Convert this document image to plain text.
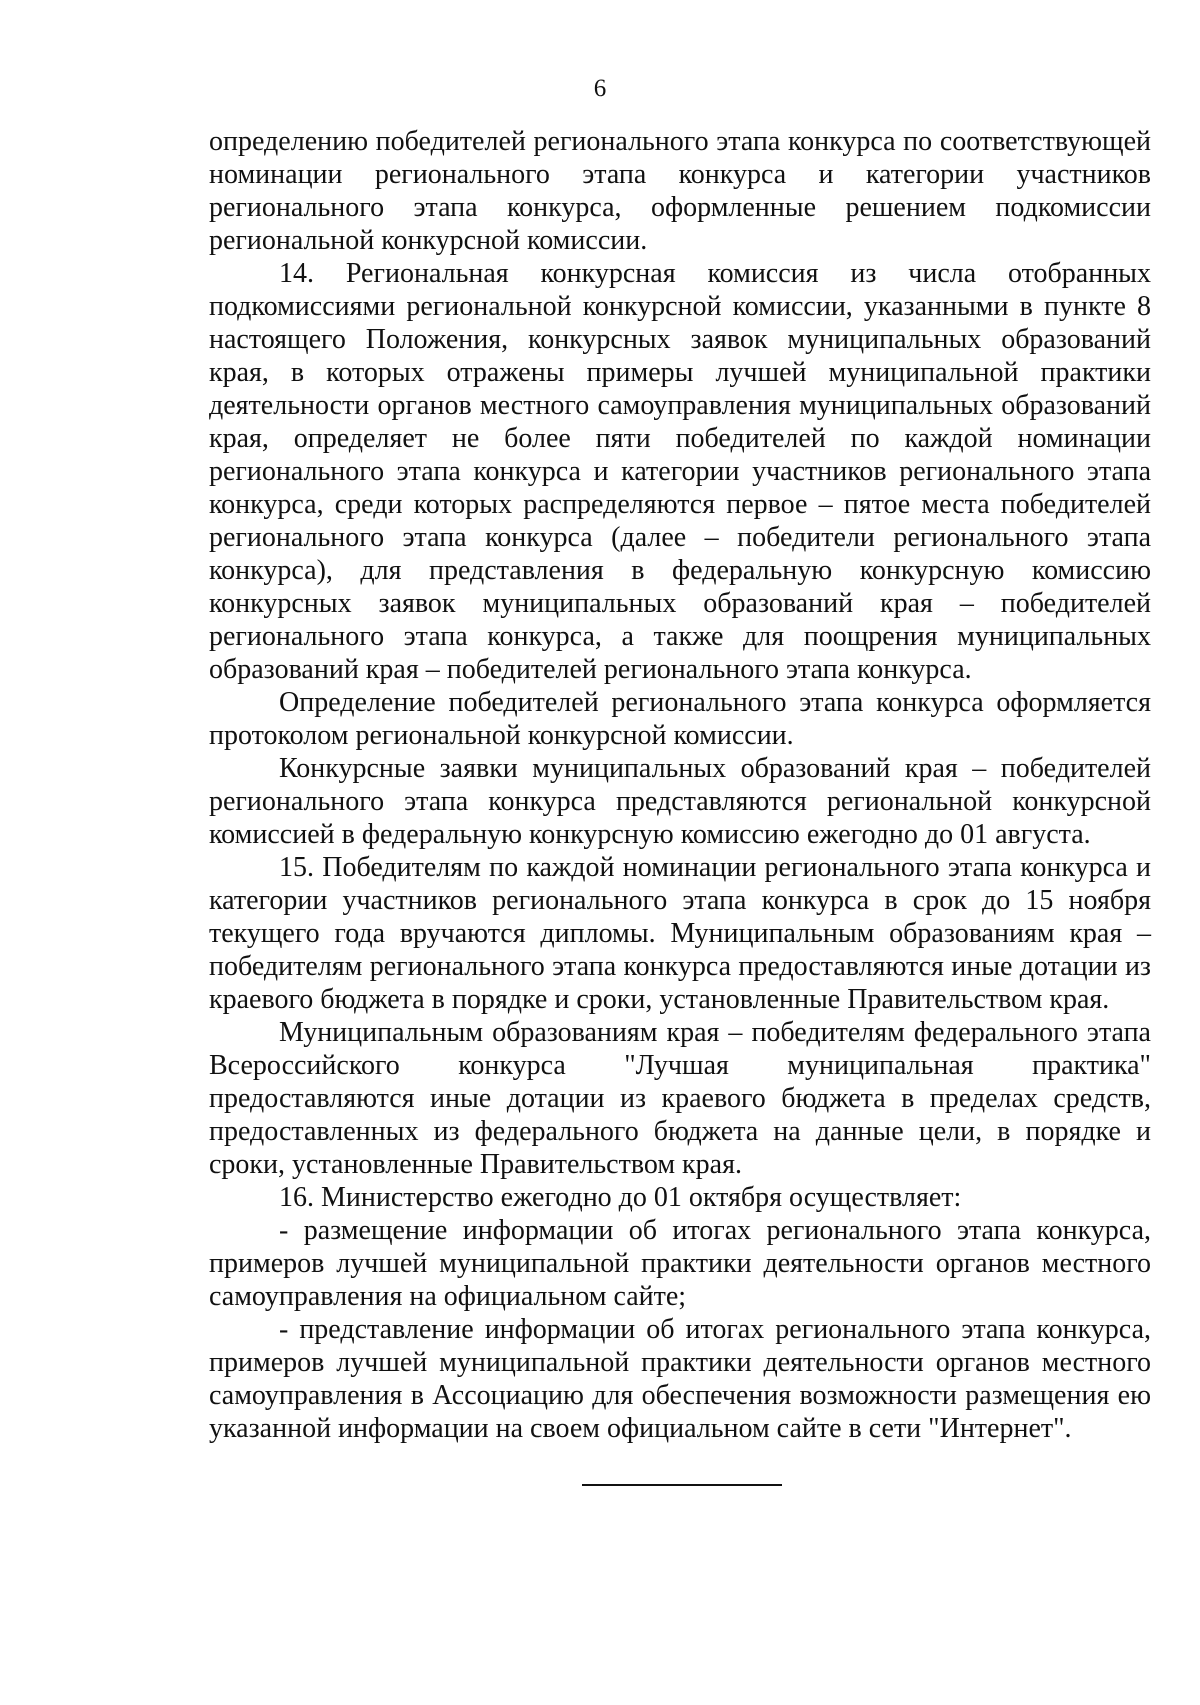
6

определению победителей регионального этапа конкурса по соответствующей номинации регионального этапа конкурса и категории участников регионального этапа конкурса, оформленные решением подкомиссии региональной конкурсной комиссии.

14. Региональная конкурсная комиссия из числа отобранных подкомиссиями региональной конкурсной комиссии, указанными в пункте 8 настоящего Положения, конкурсных заявок муниципальных образований края, в которых отражены примеры лучшей муниципальной практики деятельности органов местного самоуправления муниципальных образований края, определяет не более пяти победителей по каждой номинации регионального этапа конкурса и категории участников регионального этапа конкурса, среди которых распределяются первое – пятое места победителей регионального этапа конкурса (далее – победители регионального этапа конкурса), для представления в федеральную конкурсную комиссию конкурсных заявок муниципальных образований края – победителей регионального этапа конкурса, а также для поощрения муниципальных образований края – победителей регионального этапа конкурса.

Определение победителей регионального этапа конкурса оформляется протоколом региональной конкурсной комиссии.

Конкурсные заявки муниципальных образований края – победителей регионального этапа конкурса представляются региональной конкурсной комиссией в федеральную конкурсную комиссию ежегодно до 01 августа.

15. Победителям по каждой номинации регионального этапа конкурса и категории участников регионального этапа конкурса в срок до 15 ноября текущего года вручаются дипломы. Муниципальным образованиям края – победителям регионального этапа конкурса предоставляются иные дотации из краевого бюджета в порядке и сроки, установленные Правительством края.

Муниципальным образованиям края – победителям федерального этапа Всероссийского конкурса "Лучшая муниципальная практика" предоставляются иные дотации из краевого бюджета в пределах средств, предоставленных из федерального бюджета на данные цели, в порядке и сроки, установленные Правительством края.

16. Министерство ежегодно до 01 октября осуществляет:

- размещение информации об итогах регионального этапа конкурса, примеров лучшей муниципальной практики деятельности органов местного самоуправления на официальном сайте;

- представление информации об итогах регионального этапа конкурса, примеров лучшей муниципальной практики деятельности органов местного самоуправления в Ассоциацию для обеспечения возможности размещения ею указанной информации на своем официальном сайте в сети "Интернет".
